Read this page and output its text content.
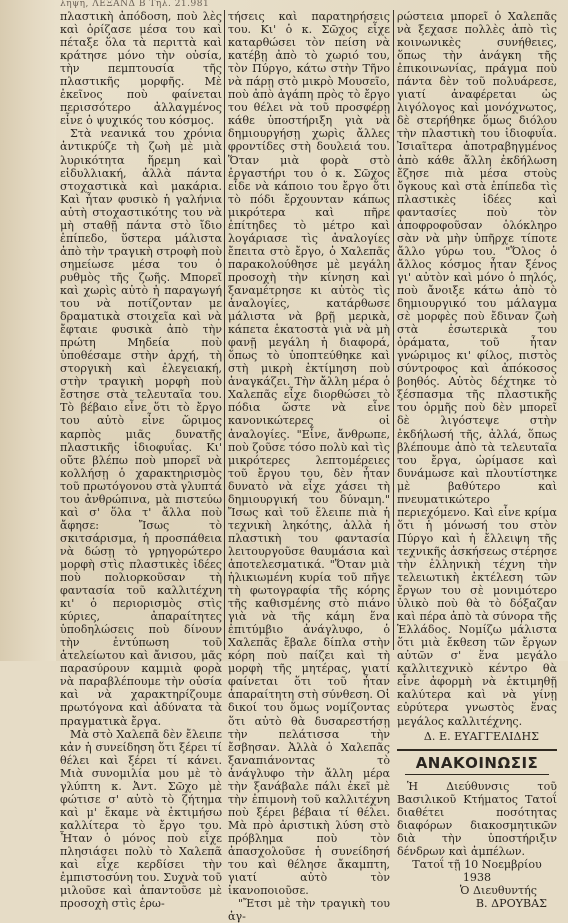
ληψη, ΛΕΞΑΝΔ Β Τηλ. 21.981

πλαστικὴ ἀπόδοση, ποὺ λὲς καὶ ὁρίζασε μέσα του καὶ πέταξε ὅλα τὰ περιττὰ καὶ κράτησε μόνο τὴν οὐσία, τὴν πεμπτουσία τῆς πλαστικῆς μορφῆς. Μὲ ἐκεῖνος ποὺ φαίνεται περισσότερο ἀλλαγμένος εἶνε ὁ ψυχικός του κόσμος.

Στὰ νεανικά του χρόνια ἀντικρύζε τὴ ζωὴ μὲ μιὰ λυρικότητα ἥρεμη καὶ εἰδυλλιακή, ἀλλὰ πάντα στοχαστικὰ καὶ μακάρια. Καὶ ἦταν φυσικὸ ἡ γαλήνια αὐτὴ στοχαστικότης του νὰ μὴ σταθῇ πάντα στὸ ἴδιο ἐπίπεδο, ὕστερα μάλιστα ἀπὸ τὴν τραγικὴ στροφὴ ποὺ σημείωσε μέσα του ὁ ρυθμὸς τῆς ζωῆς. Μπορεῖ καὶ χωρὶς αὐτὸ ἡ παραγωγή του νὰ ποτίζονταν με δραματικὰ στοιχεῖα καὶ νὰ ἔφταιε φυσικὰ ἀπὸ τὴν πρώτη Μηδεία ποὺ ὑποθέσαμε στὴν ἀρχή, τὴ στοργικὴ καὶ ἐλεγειακή, στὴν τραγικὴ μορφὴ ποὺ ἔστησε στὰ τελευταῖα του. Τὸ βέβαιο εἶνε ὅτι τὸ ἔργο του αὐτὸ εἶνε ὥριμος καρπὸς μιᾶς δυνατῆς πλαστικῆς ἰδιοφυΐας. Κι' οὔτε βλέπω ποὺ μπορεῖ νὰ κολλήσῃ ὁ χαρακτηρισμὸς τοῦ πρωτόγονου στὰ γλυπτά του ἀνθρώπινα, μὰ πιστεύω καὶ σ' ὅλα τ' ἄλλα ποὺ ἄφησε: Ἴσως τὸ σκιτσάρισμα, ἡ προσπάθεια νὰ δώσῃ τὸ γρηγορώτερο μορφὴ στὶς πλαστικὲς ἰδέες ποὺ πολιορκοῦσαν τὴ φαντασία τοῦ καλλιτέχνη κι' ὁ περιορισμὸς στὶς κύριες, ἀπαραίτητες ὑποδηλώσεις ποὺ δίνουν τὴν ἐντύπωση τοῦ ἀτελείωτου καὶ ἄνισου, μᾶς παρασύρουν καμμιὰ φορὰ νὰ παραβλέπουμε τὴν οὐσία καὶ νὰ χαρακτηρίζουμε πρωτόγονα καὶ ἀδύνατα τὰ πραγματικὰ ἔργα.

Μὰ στὸ Χαλεπᾶ δὲν ἔλειπε κἀν ἡ συνείδηση ὅτι ξέρει τί θέλει καὶ ξέρει τί κάνει. Μιὰ συνομιλία μου μὲ τὸ γλύπτη κ. Ἀντ. Σῶχο μὲ φώτισε σ' αὐτὸ τὸ ζήτημα καὶ μ' ἔκαμε νὰ ἐκτιμήσω καλλίτερα τὸ ἔργο του. Ἦταν ὁ μόνος ποὺ εἶχε πλησιάσει πολὺ τὸ Χαλεπᾶ καὶ εἶχε κερδίσει τὴν ἐμπιστοσύνη του. Συχνὰ τοῦ μιλοῦσε καὶ ἀπαντοῦσε μὲ προσοχὴ στὶς ἐρω-

τήσεις καὶ παρατηρήσεις του. Κι' ὁ κ. Σῶχος εἶχε καταρθώσει τὸν πείση νὰ κατέβῃ ἀπὸ τὸ χωριό του, τὸν Πύργο, κάτω στὴν Τῆνο νὰ πάρῃ στὸ μικρὸ Μουσεῖο, ποὺ ἀπὸ ἀγάπη πρὸς τὸ ἔργο του θέλει νὰ τοῦ προσφέρῃ κάθε ὑποστήριξη γιὰ νὰ δημιουργήσῃ χωρὶς ἄλλες φροντίδες στὴ δουλειά του. Ὅταν μιὰ φορὰ στὸ ἐργαστήρι του ὁ κ. Σῶχος εἶδε νὰ κάποιο του ἔργο ὅτι τὸ πόδι ἔρχουνταν κάπως μικρότερα καὶ πῆρε ἐπίτηδες τὸ μέτρο καὶ λογάριασε τὶς ἀναλογίες ἔπειτα στὸ ἔργο, ὁ Χαλεπᾶς παρακολούθησε μὲ μεγάλη προσοχὴ τὴν κίνηση καὶ ξαναμέτρησε κι αὐτὸς τὶς ἀναλογίες, κατάρθωσε μάλιστα νὰ βρῇ μερικὰ, κάπετα ἑκατοστὰ γιὰ νὰ μὴ φανῇ μεγάλη ἡ διαφορά, ὅπως τὸ ὑποπτεύθηκε καὶ στὴ μικρὴ ἐκτίμηση ποὺ ἀναγκάζει. Τὴν ἄλλη μέρα ὁ Χαλεπᾶς εἶχε διορθώσει τὸ πόδια ὥστε νὰ εἶνε κανονικώτερες οἱ ἀναλογίες. "Εἶνε, ἄνθρωπε, ποὺ ζοῦσε τόσο πολὺ καὶ τὶς μικρότερες λεπτομέρειες τοῦ ἔργου του, δὲν ἦταν δυνατὸ νὰ εἶχε χάσει τὴ δημιουργική του δύναμη." Ἴσως καὶ τοῦ ἔλειπε πιὰ ἡ τεχνικὴ ληκότης, ἀλλὰ ἡ πλαστικὴ του φαντασία λειτουργοῦσε θαυμάσια καὶ ἀποτελεσματικά. "Ὅταν μιὰ ἡλικιωμένη κυρία τοῦ πῆγε τὴ φωτογραφία τῆς κόρης τῆς καθισμένης στὸ πιάνο γιὰ νὰ τῆς κάμη ἕνα ἐπιτύμβιο ἀνάγλυφο, ὁ Χαλεπᾶς ἔβαλε δίπλα στὴν κόρη ποὺ παίζει καὶ τὴ μορφὴ τῆς μητέρας, γιατί φαίνεται ὅτι τοῦ ἦταν ἀπαραίτητη στὴ σύνθεση. Οἱ δικοί του ὅμως νομίζοντας ὅτι αὐτὸ θὰ δυσαρεστήσῃ τὴν πελάτισσα τὴν ἔσβησαν. Ἀλλὰ ὁ Χαλεπᾶς ξαναπιάνοντας τὸ ἀνάγλυφο τὴν ἄλλη μέρα τὴν ξανάβαλε πάλι ἐκεῖ μὲ τὴν ἐπιμονὴ τοῦ καλλιτέχνη ποὺ ξέρει βέβαια τί θέλει. Μὰ πρὸ ἀριστικὴ λύση στὸ πρόβλημα ποὺ τὸν ἀπασχολοῦσε ἡ συνείδησή του καὶ θέλησε ἄκαμπτη, γιατί αὐτὸ τὸν ἱκανοποιοῦσε.

"Ἔτσι μὲ τὴν τραγικὴ του ἀγ-

ρώστεια μπορεῖ ὁ Χαλεπᾶς νὰ ξεχασε πολλὲς ἀπὸ τὶς κοινωνικὲς συνήθειες, ὅπως τὴν ἀνάγκη τῆς ἐπικοινωνίας, πράγμα ποὺ πάντα δὲν τοῦ πολυάρεσε, γιατί ἀναφέρεται ὡς λιγόλογος καὶ μονόχνωτος, δὲ στερήθηκε ὅμως διόλου τὴν πλαστικὴ του ἰδιοφυΐα. Ἰσιαῖτερα ἀποτραβηγμένος ἀπὸ κάθε ἄλλη ἐκδήλωση ἔζησε πιὰ μέσα στοὺς ὄγκους καὶ στὰ ἐπίπεδα τὶς πλαστικὲς ἰδέες καὶ φαντασίες ποὺ τὸν ἀποφροφοῦσαν ὁλόκληρο σὰν νὰ μὴν ὑπῆρχε τίποτε ἄλλο γύρω του. "Ὅλος ὁ ἄλλος κόσμος ἦταν ξένος γι' αὐτὸν καὶ μόνο ὁ πηλός, ποὺ ἄνοιξε κάτω ἀπὸ τὸ δημιουργικό του μάλαγμα σὲ μορφὲς ποὺ ἔδιναν ζωὴ στὰ ἐσωτερικὰ του ὁράματα, τοῦ ἦταν γνώριμος κι' φίλος, πιστὸς σύντροφος καὶ ἀπόκοσος βοηθός. Αὐτὸς δέχτηκε τὸ ξέσπασμα τῆς πλαστικῆς του ὁρμῆς ποὺ δὲν μπορεῖ δὲ λιγόστεψε στὴν ἐκδήλωσή τῆς, ἀλλά, ὅπως βλέπουμε ἀπὸ τὰ τελευταῖα του ἔργα, ὡρίμασε καὶ δυνάμωσε καὶ πλουτίστηκε μὲ βαθύτερο καὶ πνευματικώτερο περιεχόμενο. Καὶ εἶνε κρίμα ὅτι ἡ μόνωσή του στὸν Πύργο καὶ ἡ ἔλλειψη τῆς τεχνικῆς ἀσκήσεως στέρησε τὴν ἑλληνικὴ τέχνη τὴν τελειωτικὴ ἐκτέλεση τῶν ἔργων του σὲ μονιμότερο ὑλικὸ ποὺ θὰ τὸ δόξαζαν καὶ πέρα ἀπὸ τὰ σύνορα τῆς Ἑλλάδος. Νομίζω μάλιστα ὅτι μιὰ ἔκθεση τῶν ἔργων αὐτῶν σ' ἕνα μεγάλο καλλιτεχνικὸ κέντρο θὰ εἶνε ἀφορμὴ νὰ ἐκτιμηθῇ καλύτερα καὶ νὰ γίνῃ εὐρύτερα γνωστὸς ἕνας μεγάλος καλλιτέχνης.

Δ. Ε. ΕΥΑΓΓΕΛΙΔΗΣ

ΑΝΑΚΟΙΝΩΣΙΣ

Ἡ Διεύθυνσις τοῦ Βασιλικοῦ Κτήματος Τατοΐ διαθέτει ποσότητας διαφόρων διακοσμητικῶν διὰ τὴν ὑποστήριξιν δένδρων καὶ ἀμπέλων.

Τατοΐ τῇ 10 Νοεμβρίου 1938

Ὁ Διευθυντής

Β. ΔΡΟΥΒΑΣ
